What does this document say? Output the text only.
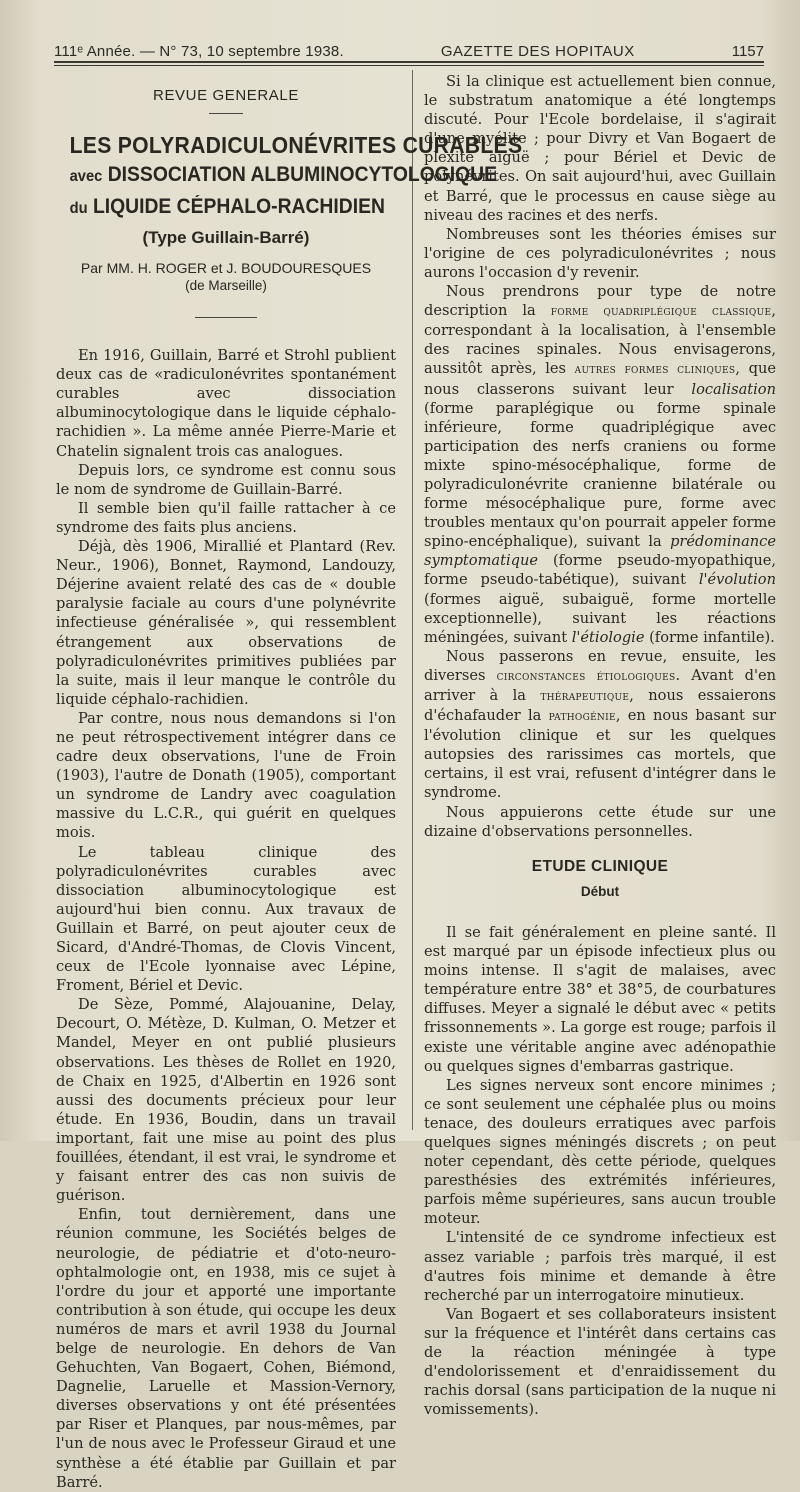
111ᵉ Année. — N° 73, 10 septembre 1938.	GAZETTE DES HOPITAUX	1157
REVUE GENERALE
LES POLYRADICULONÉVRITES CURABLES
avec DISSOCIATION ALBUMINOCYTOLOGIQUE
du LIQUIDE CÉPHALO-RACHIDIEN
(Type Guillain-Barré)
Par MM. H. ROGER et J. BOUDOURESQUES
(de Marseille)

En 1916, Guillain, Barré et Strohl publient deux cas de «radiculonévrites spontanément curables avec dissociation albuminocytologique dans le liquide céphalo-rachidien ». La même année Pierre-Marie et Chatelin signalent trois cas analogues.

Depuis lors, ce syndrome est connu sous le nom de syndrome de Guillain-Barré.

Il semble bien qu'il faille rattacher à ce syndrome des faits plus anciens.

Déjà, dès 1906, Mirallié et Plantard (Rev. Neur., 1906), Bonnet, Raymond, Landouzy, Déjerine avaient relaté des cas de « double paralysie faciale au cours d'une polynévrite infectieuse généralisée », qui ressemblent étrangement aux observations de polyradiculonévrites primitives publiées par la suite, mais il leur manque le contrôle du liquide céphalo-rachidien.

Par contre, nous nous demandons si l'on ne peut rétrospectivement intégrer dans ce cadre deux observations, l'une de Froin (1903), l'autre de Donath (1905), comportant un syndrome de Landry avec coagulation massive du L.C.R., qui guérit en quelques mois.

Le tableau clinique des polyradiculonévrites curables avec dissociation albuminocytologique est aujourd'hui bien connu. Aux travaux de Guillain et Barré, on peut ajouter ceux de Sicard, d'André-Thomas, de Clovis Vincent, ceux de l'Ecole lyonnaise avec Lépine, Froment, Bériel et Devic.

De Sèze, Pommé, Alajouanine, Delay, Decourt, O. Métèze, D. Kulman, O. Metzer et Mandel, Meyer en ont publié plusieurs observations. Les thèses de Rollet en 1920, de Chaix en 1925, d'Albertin en 1926 sont aussi des documents précieux pour leur étude. En 1936, Boudin, dans un travail important, fait une mise au point des plus fouillées, étendant, il est vrai, le syndrome et y faisant entrer des cas non suivis de guérison.

Enfin, tout dernièrement, dans une réunion commune, les Sociétés belges de neurologie, de pédiatrie et d'oto-neuro-ophtalmologie ont, en 1938, mis ce sujet à l'ordre du jour et apporté une importante contribution à son étude, qui occupe les deux numéros de mars et avril 1938 du Journal belge de neurologie. En dehors de Van Gehuchten, Van Bogaert, Cohen, Biémond, Dagnelie, Laruelle et Massion-Vernory, diverses observations y ont été présentées par Riser et Planques, par nous-mêmes, par l'un de nous avec le Professeur Giraud et une synthèse a été établie par Guillain et par Barré.

Si la clinique est actuellement bien connue, le substratum anatomique a été longtemps discuté. Pour l'Ecole bordelaise, il s'agirait d'une myélite ; pour Divry et Van Bogaert de plexite aiguë ; pour Bériel et Devic de polynévrites. On sait aujourd'hui, avec Guillain et Barré, que le processus en cause siège au niveau des racines et des nerfs.

Nombreuses sont les théories émises sur l'origine de ces polyradiculonévrites ; nous aurons l'occasion d'y revenir.

Nous prendrons pour type de notre description la forme quadriplégique classique, correspondant à la localisation, à l'ensemble des racines spinales. Nous envisagerons, aussitôt après, les autres formes cliniques, que nous classerons suivant leur localisation (forme paraplégique ou forme spinale inférieure, forme quadriplégique avec participation des nerfs craniens ou forme mixte spino-mésocéphalique, forme de polyradiculonévrite cranienne bilatérale ou forme mésocéphalique pure, forme avec troubles mentaux qu'on pourrait appeler forme spino-encéphalique), suivant la prédominance symptomatique (forme pseudo-myopathique, forme pseudo-tabétique), suivant l'évolution (formes aiguë, subaiguë, forme mortelle exceptionnelle), suivant les réactions méningées, suivant l'étiologie (forme infantile).

Nous passerons en revue, ensuite, les diverses circonstances étiologiques. Avant d'en arriver à la thérapeutique, nous essaierons d'échafauder la pathogénie, en nous basant sur l'évolution clinique et sur les quelques autopsies des rarissimes cas mortels, que certains, il est vrai, refusent d'intégrer dans le syndrome.

Nous appuierons cette étude sur une dizaine d'observations personnelles.

ETUDE CLINIQUE
Début

Il se fait généralement en pleine santé. Il est marqué par un épisode infectieux plus ou moins intense. Il s'agit de malaises, avec température entre 38° et 38°5, de courbatures diffuses. Meyer a signalé le début avec « petits frissonnements ». La gorge est rouge; parfois il existe une véritable angine avec adénopathie ou quelques signes d'embarras gastrique.

Les signes nerveux sont encore minimes ; ce sont seulement une céphalée plus ou moins tenace, des douleurs erratiques avec parfois quelques signes méningés discrets ; on peut noter cependant, dès cette période, quelques paresthésies des extrémités inférieures, parfois même supérieures, sans aucun trouble moteur.

L'intensité de ce syndrome infectieux est assez variable ; parfois très marqué, il est d'autres fois minime et demande à être recherché par un interrogatoire minutieux.

Van Bogaert et ses collaborateurs insistent sur la fréquence et l'intérêt dans certains cas de la réaction méningée à type d'endolorissement et d'enraidissement du rachis dorsal (sans participation de la nuque ni vomissements).
